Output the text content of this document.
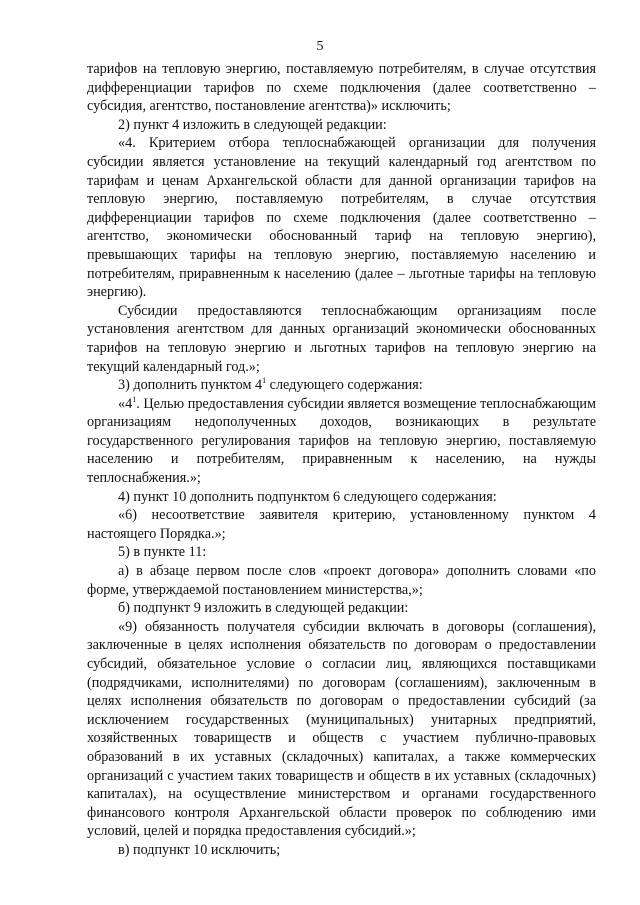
5

тарифов на тепловую энергию, поставляемую потребителям, в случае отсутствия дифференциации тарифов по схеме подключения (далее соответственно – субсидия, агентство, постановление агентства)» исключить;

2) пункт 4 изложить в следующей редакции:

«4. Критерием отбора теплоснабжающей организации для получения субсидии является установление на текущий календарный год агентством по тарифам и ценам Архангельской области для данной организации тарифов на тепловую энергию, поставляемую потребителям, в случае отсутствия дифференциации тарифов по схеме подключения (далее соответственно – агентство, экономически обоснованный тариф на тепловую энергию), превышающих тарифы на тепловую энергию, поставляемую населению и потребителям, приравненным к населению (далее – льготные тарифы на тепловую энергию).

Субсидии предоставляются теплоснабжающим организациям после установления агентством для данных организаций экономически обоснованных тарифов на тепловую энергию и льготных тарифов на тепловую энергию на текущий календарный год.»;

3) дополнить пунктом $4^1$ следующего содержания:

«$4^1$. Целью предоставления субсидии является возмещение теплоснабжающим организациям недополученных доходов, возникающих в результате государственного регулирования тарифов на тепловую энергию, поставляемую населению и потребителям, приравненным к населению, на нужды теплоснабжения.»;

4) пункт 10 дополнить подпунктом 6 следующего содержания:

«6) несоответствие заявителя критерию, установленному пунктом 4 настоящего Порядка.»;

5) в пункте 11:

а) в абзаце первом после слов «проект договора» дополнить словами «по форме, утверждаемой постановлением министерства,»;

б) подпункт 9 изложить в следующей редакции:

«9) обязанность получателя субсидии включать в договоры (соглашения), заключенные в целях исполнения обязательств по договорам о предоставлении субсидий, обязательное условие о согласии лиц, являющихся поставщиками (подрядчиками, исполнителями) по договорам (соглашениям), заключенным в целях исполнения обязательств по договорам о предоставлении субсидий (за исключением государственных (муниципальных) унитарных предприятий, хозяйственных товариществ и обществ с участием публично-правовых образований в их уставных (складочных) капиталах, а также коммерческих организаций с участием таких товариществ и обществ в их уставных (складочных) капиталах), на осуществление министерством и органами государственного финансового контроля Архангельской области проверок по соблюдению ими условий, целей и порядка предоставления субсидий.»;

в) подпункт 10 исключить;
